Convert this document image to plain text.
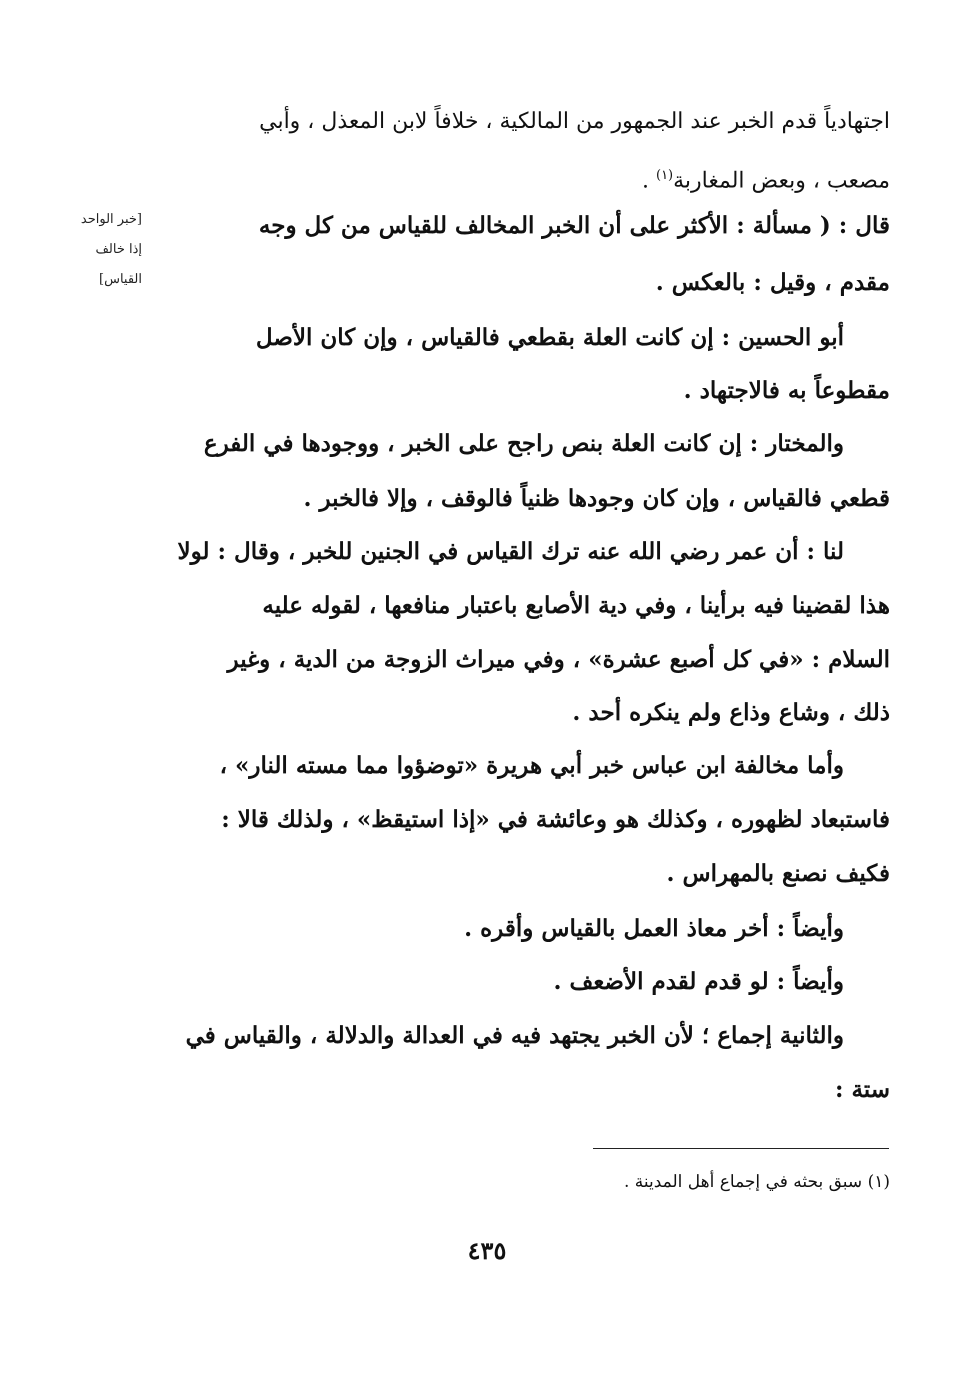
[خبر الواحد
إذا خالف
القياس]
اجتهادياً قدم الخبر عند الجمهور من المالكية ، خلافاً لابن المعذل ، وأبي
مصعب ، وبعض المغاربة$^{(١)}$ .
قال : ( مسألة : الأكثر على أن الخبر المخالف للقياس من كل وجه
مقدم ، وقيل : بالعكس .
أبو الحسين : إن كانت العلة بقطعي فالقياس ، وإن كان الأصل
مقطوعاً به فالاجتهاد .
والمختار : إن كانت العلة بنص راجح على الخبر ، ووجودها في الفرع
قطعي فالقياس ، وإن كان وجودها ظنياً فالوقف ، وإلا فالخبر .
لنا : أن عمر رضي الله عنه ترك القياس في الجنين للخبر ، وقال : لولا
هذا لقضينا فيه برأينا ، وفي دية الأصابع باعتبار منافعها ، لقوله عليه
السلام : «في كل أصبع عشرة» ، وفي ميراث الزوجة من الدية ، وغير
ذلك ، وشاع وذاع ولم ينكره أحد .
وأما مخالفة ابن عباس خبر أبي هريرة «توضؤوا مما مسته النار» ،
فاستبعاد لظهوره ، وكذلك هو وعائشة في «إذا استيقظ» ، ولذلك قالا :
فكيف نصنع بالمهراس .
وأيضاً : أخر معاذ العمل بالقياس وأقره .
وأيضاً : لو قدم لقدم الأضعف .
والثانية إجماع ؛ لأن الخبر يجتهد فيه في العدالة والدلالة ، والقياس في
ستة :
(١) سبق بحثه في إجماع أهل المدينة .
٤٣٥
